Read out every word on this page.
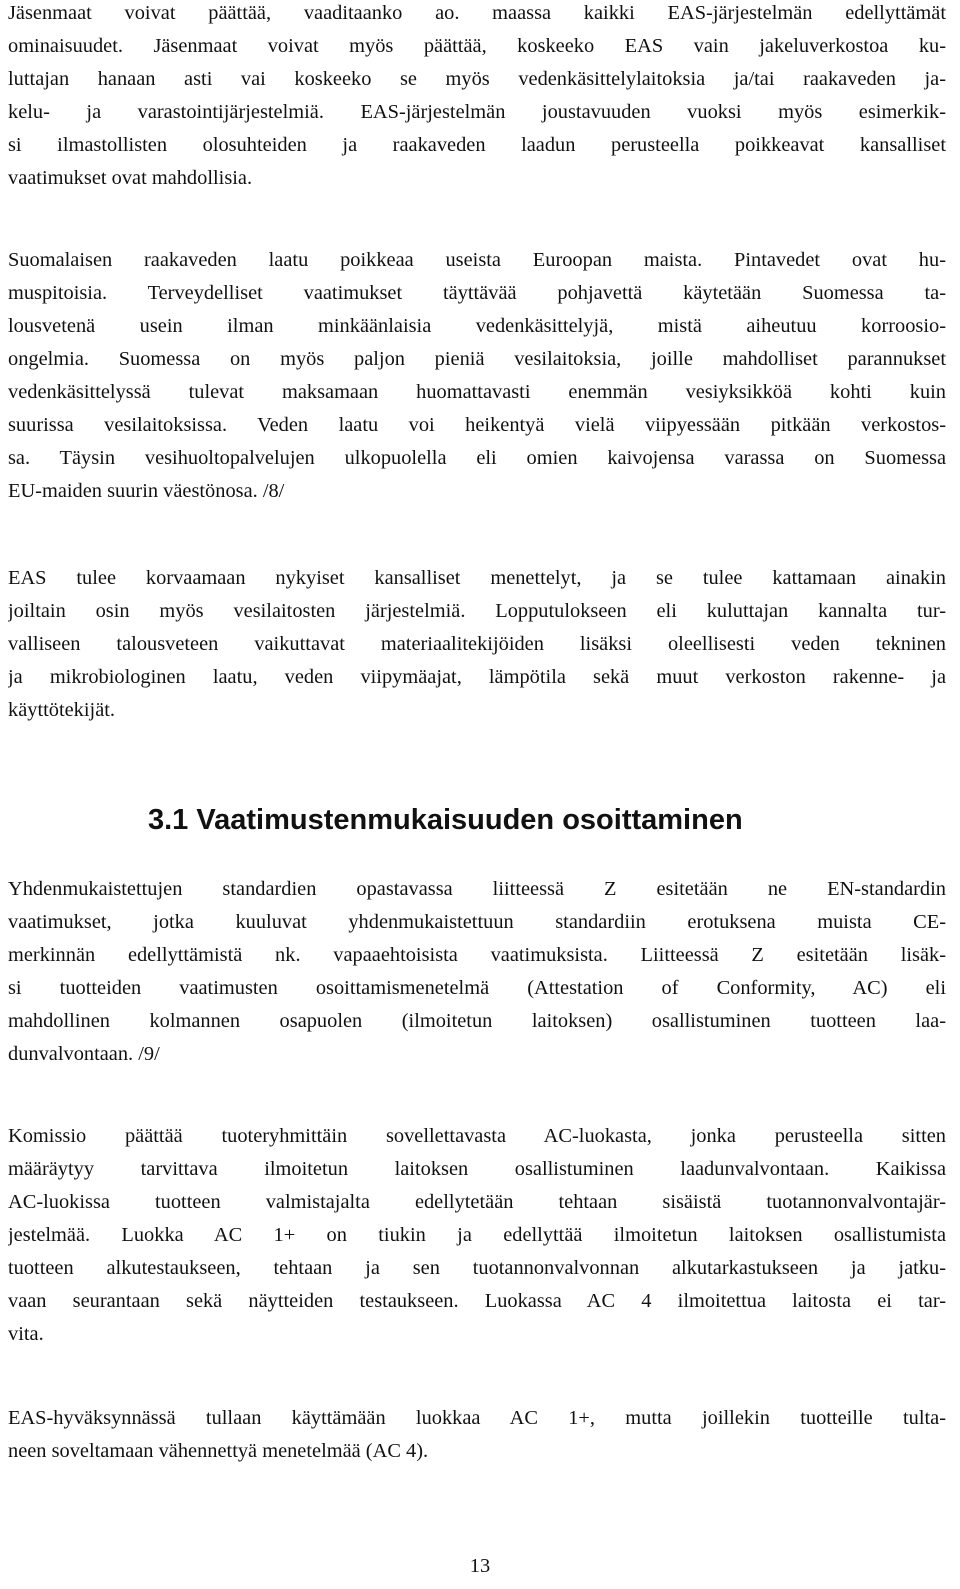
Jäsenmaat voivat päättää, vaaditaanko ao. maassa kaikki EAS-järjestelmän edellyttämät
ominaisuudet. Jäsenmaat voivat myös päättää, koskeeko EAS vain jakeluverkostoa ku-
luttajan hanaan asti vai koskeeko se myös vedenkäsittelylaitoksia ja/tai raakaveden ja-
kelu- ja varastointijärjestelmiä. EAS-järjestelmän joustavuuden vuoksi myös esimerkik-
si ilmastollisten olosuhteiden ja raakaveden laadun perusteella poikkeavat kansalliset
vaatimukset ovat mahdollisia.

Suomalaisen raakaveden laatu poikkeaa useista Euroopan maista. Pintavedet ovat hu-
muspitoisia. Terveydelliset vaatimukset täyttävää pohjavettä käytetään Suomessa ta-
lousvetenä usein ilman minkäänlaisia vedenkäsittelyjä, mistä aiheutuu korroosio-
ongelmia. Suomessa on myös paljon pieniä vesilaitoksia, joille mahdolliset parannukset
vedenkäsittelyssä tulevat maksamaan huomattavasti enemmän vesiyksikköä kohti kuin
suurissa vesilaitoksissa. Veden laatu voi heikentyä vielä viipyessään pitkään verkostos-
sa. Täysin vesihuoltopalvelujen ulkopuolella eli omien kaivojensa varassa on Suomessa
EU-maiden suurin väestönosa. /8/

EAS tulee korvaamaan nykyiset kansalliset menettelyt, ja se tulee kattamaan ainakin
joiltain osin myös vesilaitosten järjestelmiä. Lopputulokseen eli kuluttajan kannalta tur-
valliseen talousveteen vaikuttavat materiaalitekijöiden lisäksi oleellisesti veden tekninen
ja mikrobiologinen laatu, veden viipymäajat, lämpötila sekä muut verkoston rakenne- ja
käyttötekijät.

3.1 Vaatimustenmukaisuuden osoittaminen

Yhdenmukaistettujen standardien opastavassa liitteessä Z esitetään ne EN-standardin
vaatimukset, jotka kuuluvat yhdenmukaistettuun standardiin erotuksena muista CE-
merkinnän edellyttämistä nk. vapaaehtoisista vaatimuksista. Liitteessä Z esitetään lisäk-
si tuotteiden vaatimusten osoittamismenetelmä (Attestation of Conformity, AC) eli
mahdollinen kolmannen osapuolen (ilmoitetun laitoksen) osallistuminen tuotteen laa-
dunvalvontaan. /9/

Komissio päättää tuoteryhmittäin sovellettavasta AC-luokasta, jonka perusteella sitten
määräytyy tarvittava ilmoitetun laitoksen osallistuminen laadunvalvontaan. Kaikissa
AC-luokissa tuotteen valmistajalta edellytetään tehtaan sisäistä tuotannonvalvontajär-
jestelmää. Luokka AC 1+ on tiukin ja edellyttää ilmoitetun laitoksen osallistumista
tuotteen alkutestaukseen, tehtaan ja sen tuotannonvalvonnan alkutarkastukseen ja jatku-
vaan seurantaan sekä näytteiden testaukseen. Luokassa AC 4 ilmoitettua laitosta ei tar-
vita.

EAS-hyväksynnässä tullaan käyttämään luokkaa AC 1+, mutta joillekin tuotteille tulta-
neen soveltamaan vähennettyä menetelmää (AC 4).

13
